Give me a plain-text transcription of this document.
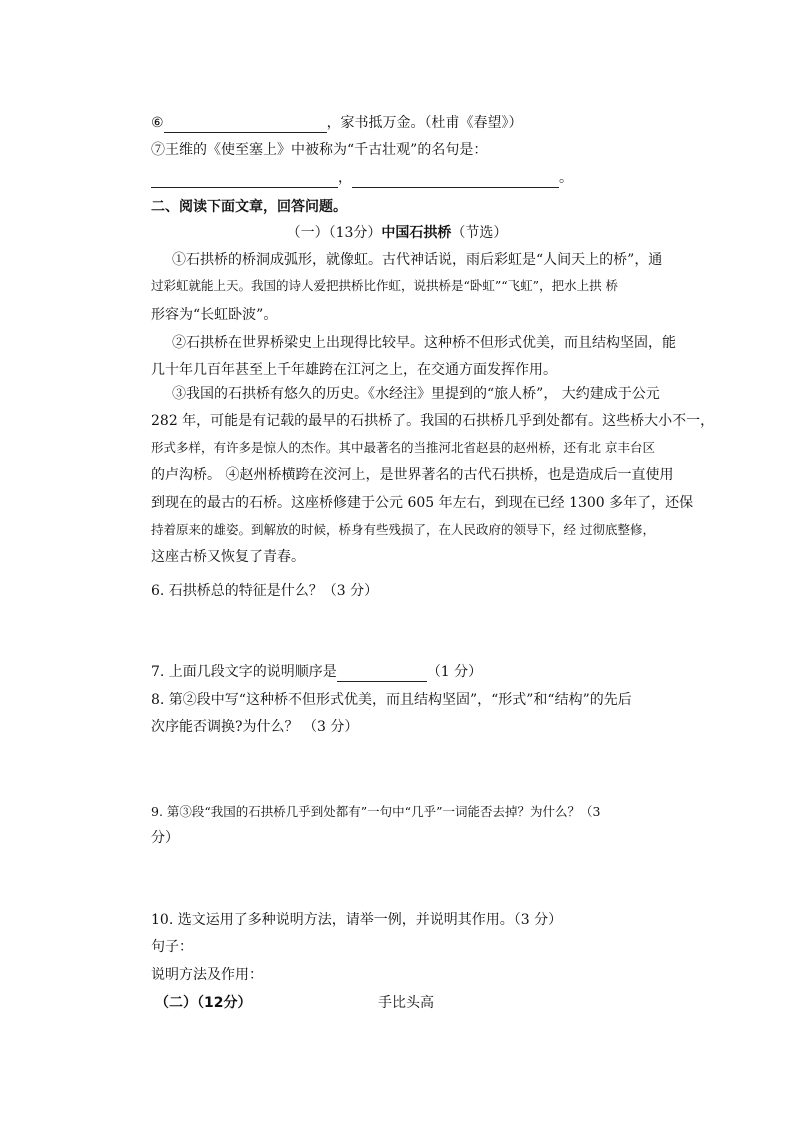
⑥	，家书抵万金。（杜甫《春望》）
⑦王维的《使至塞上》中被称为“千古壮观”的名句是：
，	。
二、阅读下面文章，回答问题。
（一）（13分）中国石拱桥（节选）
①石拱桥的桥洞成弧形，就像虹。古代神话说，雨后彩虹是“人间天上的桥”，通
过彩虹就能上天。我国的诗人爱把拱桥比作虹，说拱桥是“卧虹”“飞虹”，把水上拱 桥
形容为“长虹卧波”。
②石拱桥在世界桥梁史上出现得比较早。这种桥不但形式优美，而且结构坚固，能
几十年几百年甚至上千年雄跨在江河之上，在交通方面发挥作用。
③我国的石拱桥有悠久的历史。《水经注》里提到的“旅人桥”， 大约建成于公元
282 年，可能是有记载的最早的石拱桥了。我国的石拱桥几乎到处都有。这些桥大小不一，
形式多样，有许多是惊人的杰作。其中最著名的当推河北省赵县的赵州桥，还有北 京丰台区
的卢沟桥。 ④赵州桥横跨在洨河上，是世界著名的古代石拱桥，也是造成后一直使用
到现在的最古的石桥。这座桥修建于公元 605 年左右，到现在已经 1300 多年了，还保
持着原来的雄姿。到解放的时候，桥身有些残损了，在人民政府的领导下，经 过彻底整修，
这座古桥又恢复了青春。
6. 石拱桥总的特征是什么？（3 分）
7. 上面几段文字的说明顺序是	（1 分）
8. 第②段中写“这种桥不但形式优美，而且结构坚固”，“形式”和“结构”的先后
次序能否调换?为什么？ （3 分）
9. 第③段“我国的石拱桥几乎到处都有”一句中“几乎”一词能否去掉？为什么？（3
分）
10. 选文运用了多种说明方法，请举一例，并说明其作用。（3 分）
句子：
说明方法及作用：
（二）（12分）	手比头高
